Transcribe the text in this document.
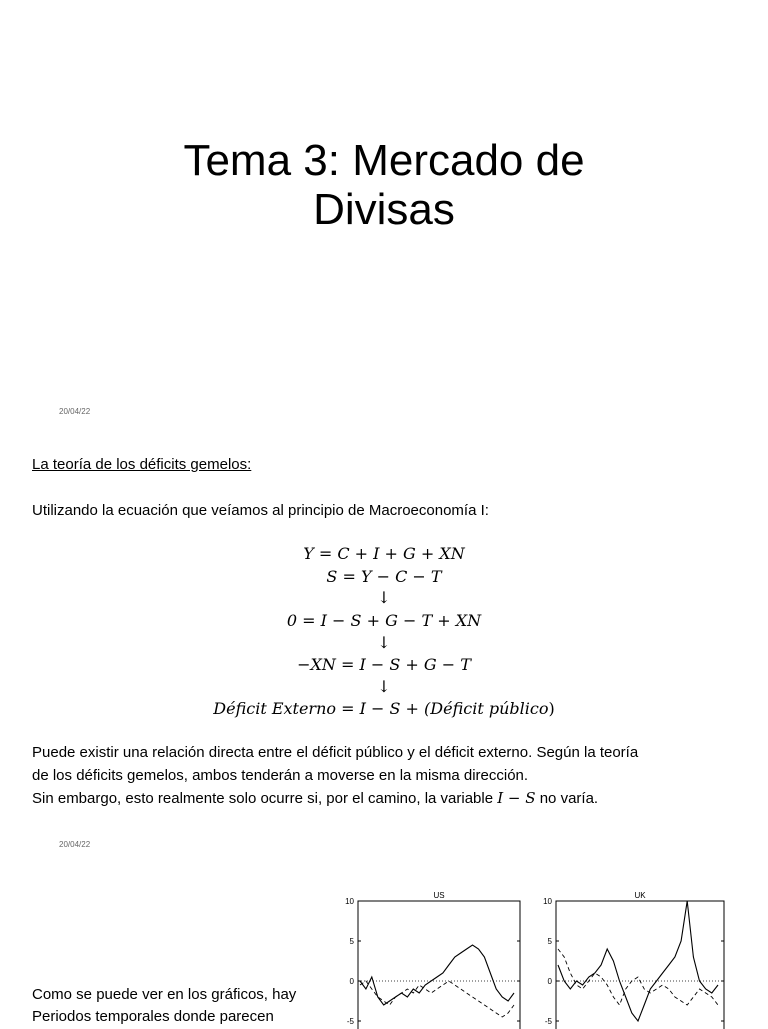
Tema 3: Mercado de
Divisas
20/04/22
La teoría de los déficits gemelos:
Utilizando la ecuación que veíamos al principio de Macroeconomía I:
Y = C + I + G + XN
S = Y − C − T
↓
0 = I − S + G − T + XN
↓
−XN = I − S + G − T
↓
Déficit Externo = I − S + (Déficit público)
Puede existir una relación directa entre el déficit público y el déficit externo. Según la teoría
de los déficits gemelos, ambos tenderán a moverse en la misma dirección.
Sin embargo, esto realmente solo ocurre si, por el camino, la variable I − S no varía.
20/04/22
US
10
5
0
-5
UK
10
5
0
-5
Como se puede ver en los gráficos, hay
Periodos temporales donde parecen
